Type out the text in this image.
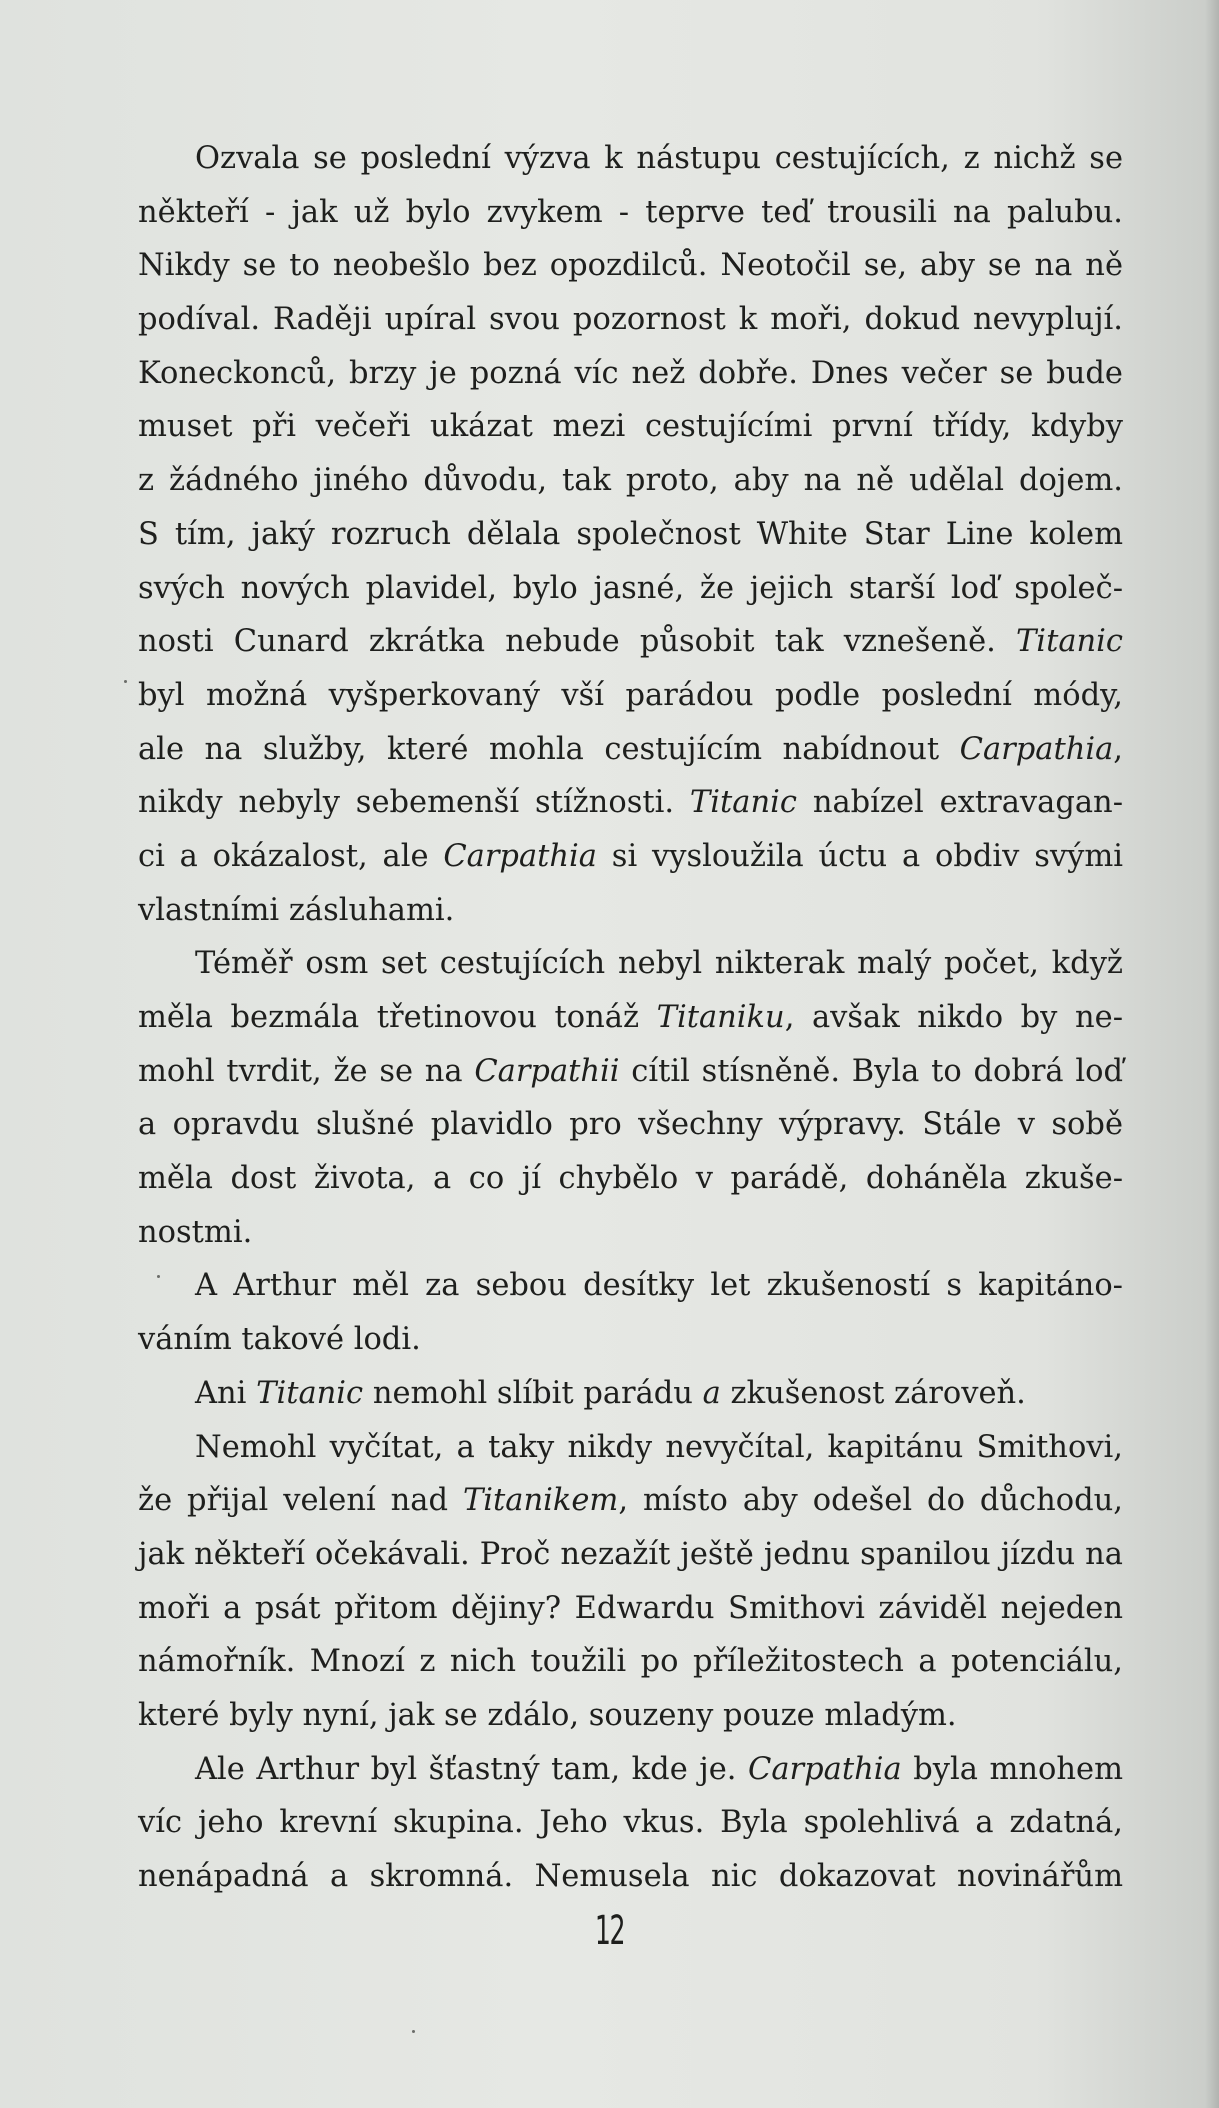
Ozvala se poslední výzva k nástupu cestujících, z nichž se
někteří - jak už bylo zvykem - teprve teď trousili na palubu.
Nikdy se to neobešlo bez opozdilců. Neotočil se, aby se na ně
podíval. Raději upíral svou pozornost k moři, dokud nevyplují.
Koneckonců, brzy je pozná víc než dobře. Dnes večer se bude
muset při večeři ukázat mezi cestujícími první třídy, kdyby
z žádného jiného důvodu, tak proto, aby na ně udělal dojem.
S tím, jaký rozruch dělala společnost White Star Line kolem
svých nových plavidel, bylo jasné, že jejich starší loď společ-
nosti Cunard zkrátka nebude působit tak vznešeně. Titanic
byl možná vyšperkovaný vší parádou podle poslední módy,
ale na služby, které mohla cestujícím nabídnout Carpathia,
nikdy nebyly sebemenší stížnosti. Titanic nabízel extravagan-
ci a okázalost, ale Carpathia si vysloužila úctu a obdiv svými
vlastními zásluhami.
Téměř osm set cestujících nebyl nikterak malý počet, když
měla bezmála třetinovou tonáž Titaniku, avšak nikdo by ne-
mohl tvrdit, že se na Carpathii cítil stísněně. Byla to dobrá loď
a opravdu slušné plavidlo pro všechny výpravy. Stále v sobě
měla dost života, a co jí chybělo v parádě, doháněla zkuše-
nostmi.
A Arthur měl za sebou desítky let zkušeností s kapitáno-
váním takové lodi.
Ani Titanic nemohl slíbit parádu a zkušenost zároveň.
Nemohl vyčítat, a taky nikdy nevyčítal, kapitánu Smithovi,
že přijal velení nad Titanikem, místo aby odešel do důchodu,
jak někteří očekávali. Proč nezažít ještě jednu spanilou jízdu na
moři a psát přitom dějiny? Edwardu Smithovi záviděl nejeden
námořník. Mnozí z nich toužili po příležitostech a potenciálu,
které byly nyní, jak se zdálo, souzeny pouze mladým.
Ale Arthur byl šťastný tam, kde je. Carpathia byla mnohem
víc jeho krevní skupina. Jeho vkus. Byla spolehlivá a zdatná,
nenápadná a skromná. Nemusela nic dokazovat novinářům
12
